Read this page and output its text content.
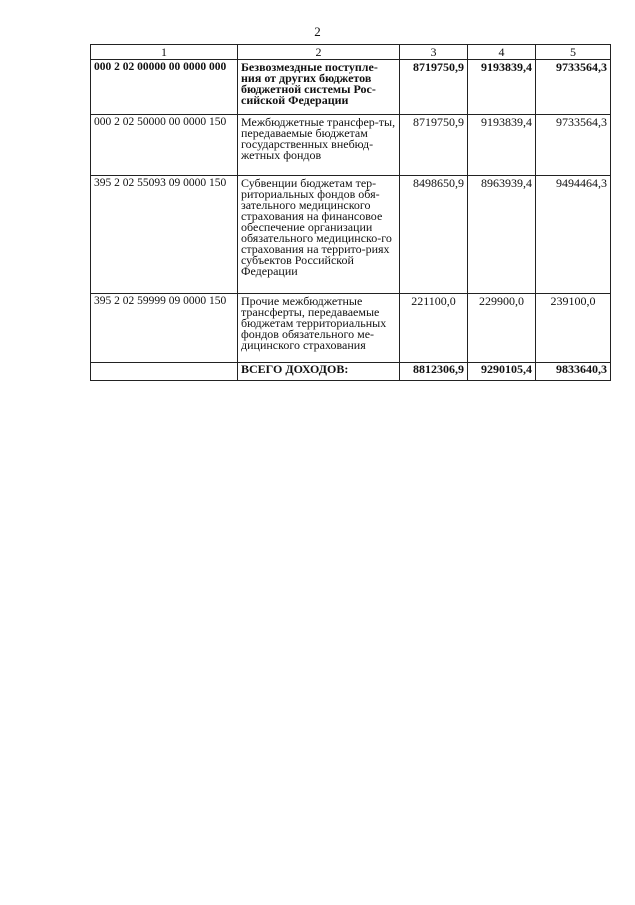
2
1	2	3	4	5
000 2 02 00000 00 0000 000	Безвозмездные поступле-ния от других бюджетов бюджетной системы Рос-сийской Федерации	8719750,9	9193839,4	9733564,3
000 2 02 50000 00 0000 150	Межбюджетные трансфер-ты, передаваемые бюджетам государственных внебюд-жетных фондов	8719750,9	9193839,4	9733564,3
395 2 02 55093 09 0000 150	Субвенции бюджетам тер-риториальных фондов обя-зательного медицинского страхования на финансовое обеспечение организации обязательного медицинско-го страхования на террито-риях субъектов Российской Федерации	8498650,9	8963939,4	9494464,3
395 2 02 59999 09 0000 150	Прочие межбюджетные трансферты, передаваемые бюджетам территориальных фондов обязательного ме-дицинского страхования	221100,0	229900,0	239100,0
	ВСЕГО ДОХОДОВ:	8812306,9	9290105,4	9833640,3
